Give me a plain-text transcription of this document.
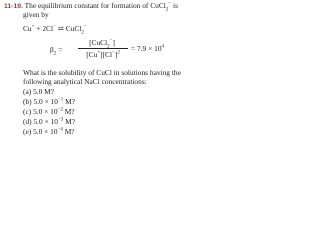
11-19. The equilibrium constant for formation of CuCl$_2$− is
given by
Cu+ + 2Cl− ⇌ CuCl$_2$−
$\beta_2$ =
[CuCl$_2$−]
$[Cu^+][Cl^-]^2$
= $7.9 \times 10^4$
What is the solubility of CuCl in solutions having the
following analytical NaCl concentrations:
(a) 5.0 M?
(b) $5.0 \times 10^{-1}$ M?
(c) $5.0 \times 10^{-2}$ M?
(d) $5.0 \times 10^{-3}$ M?
(e) $5.0 \times 10^{-4}$ M?
